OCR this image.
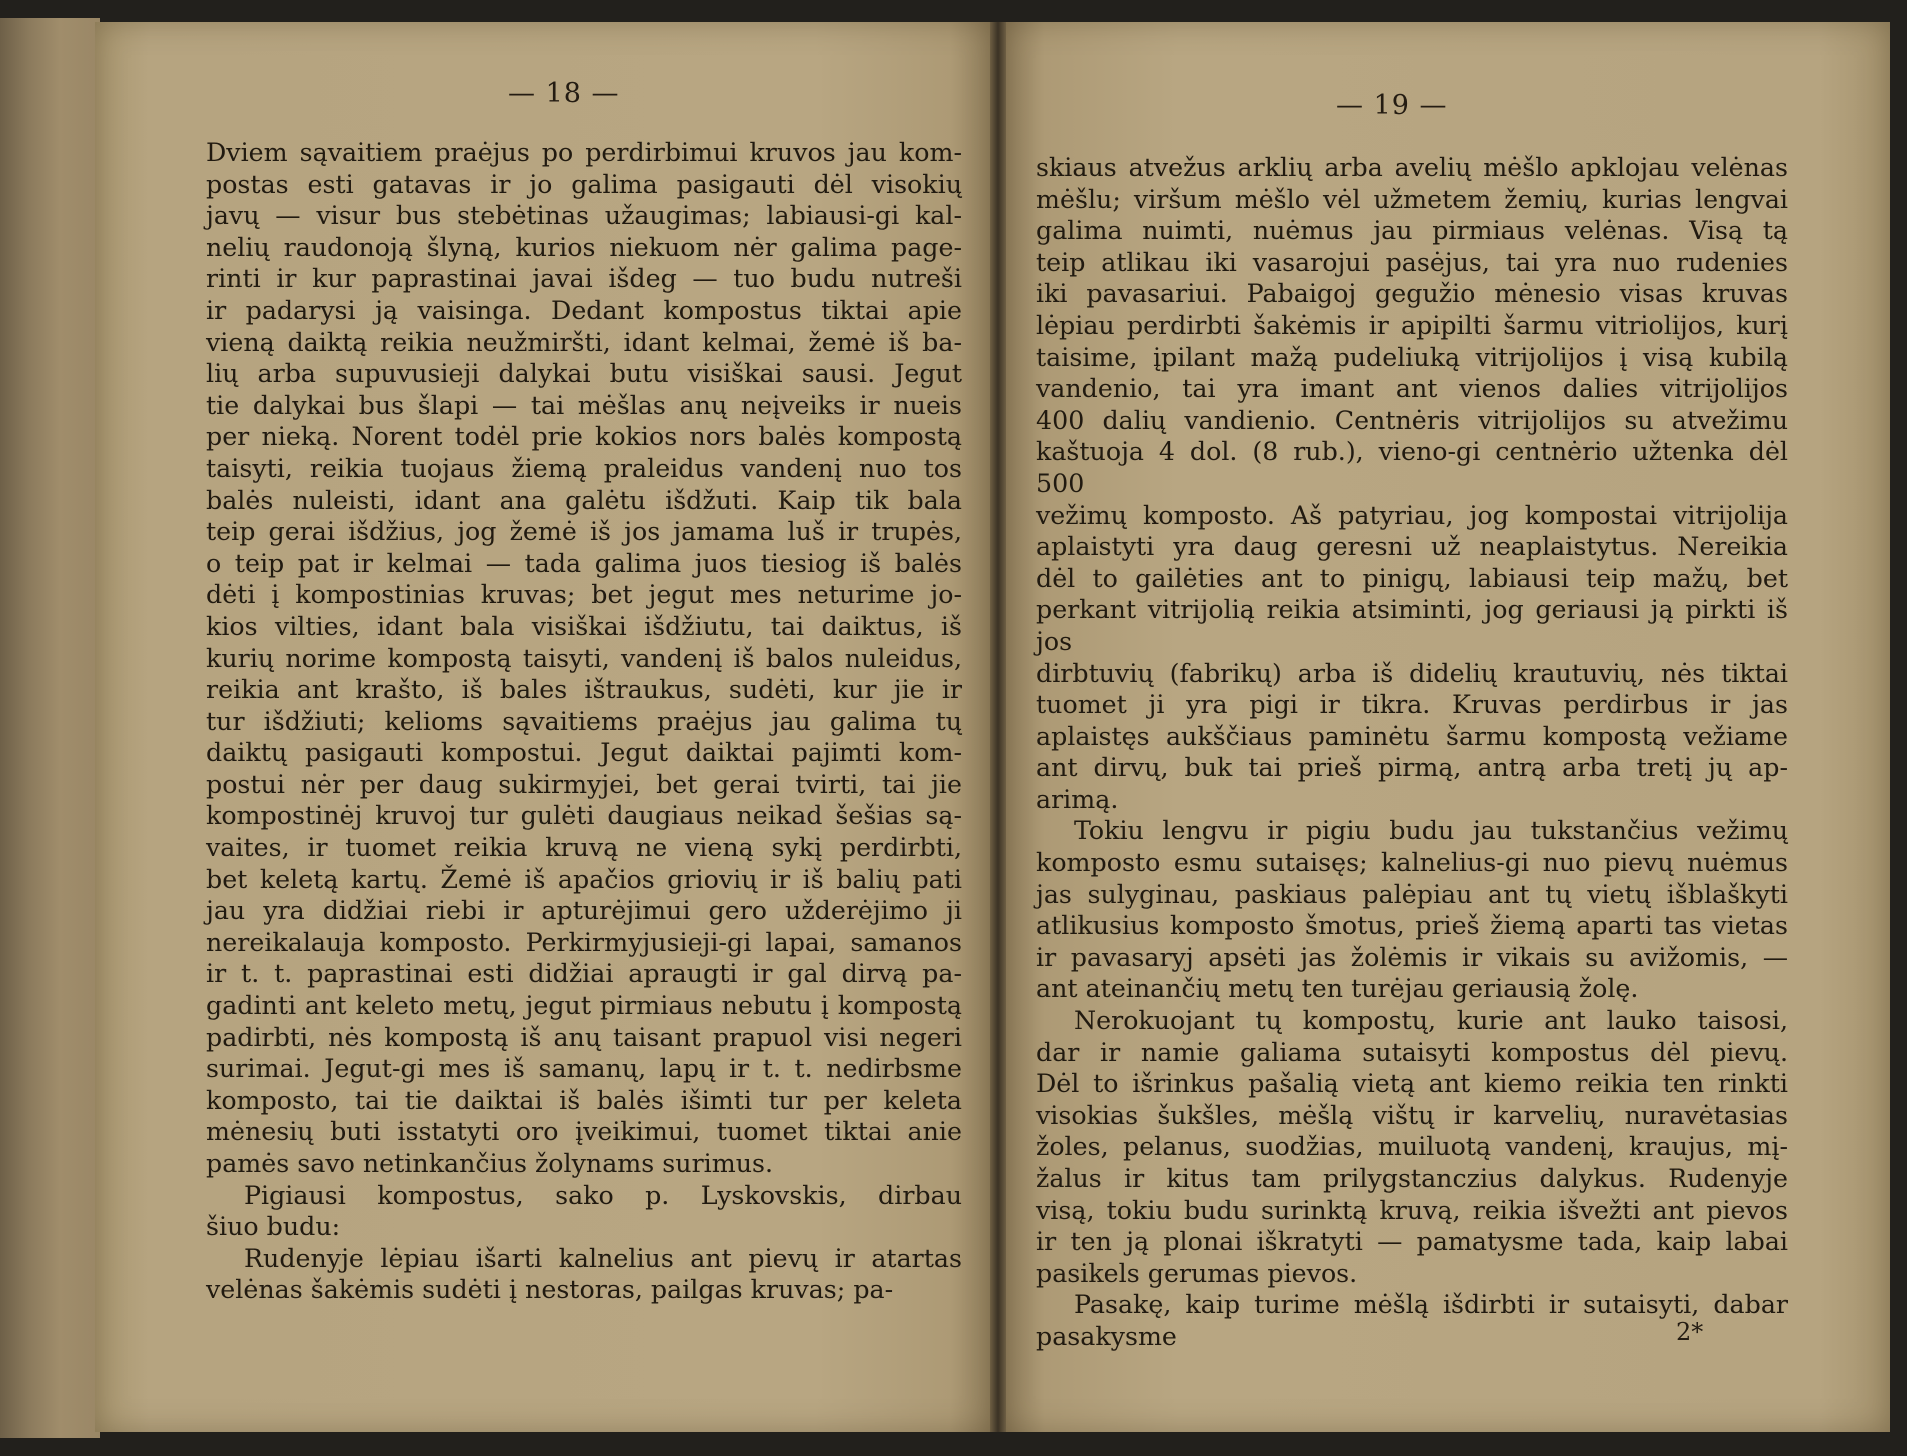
— 18 —	— 19 —

Dviem sąvaitiem praėjus po perdirbimui kruvos jau kom-

postas esti gatavas ir jo galima pasigauti dėl visokių

javų — visur bus stebėtinas užaugimas; labiausi-gi kal-

nelių raudonoją šlyną, kurios niekuom nėr galima page-

rinti ir kur paprastinai javai išdeg — tuo budu nutreši

ir padarysi ją vaisinga. Dedant kompostus tiktai apie

vieną daiktą reikia neužmiršti, idant kelmai, žemė iš ba-

lių arba supuvusieji dalykai butu visiškai sausi. Jegut

tie dalykai bus šlapi — tai mėšlas anų neįveiks ir nueis

per nieką. Norent todėl prie kokios nors balės kompostą

taisyti, reikia tuojaus žiemą praleidus vandenį nuo tos

balės nuleisti, idant ana galėtu išdžuti. Kaip tik bala

teip gerai išdžius, jog žemė iš jos jamama luš ir trupės,

o teip pat ir kelmai — tada galima juos tiesiog iš balės

dėti į kompostinias kruvas; bet jegut mes neturime jo-

kios vilties, idant bala visiškai išdžiutu, tai daiktus, iš

kurių norime kompostą taisyti, vandenį iš balos nuleidus,

reikia ant krašto, iš bales ištraukus, sudėti, kur jie ir

tur išdžiuti; kelioms sąvaitiems praėjus jau galima tų

daiktų pasigauti kompostui. Jegut daiktai pajimti kom-

postui nėr per daug sukirmyjei, bet gerai tvirti, tai jie

kompostinėj kruvoj tur gulėti daugiaus neikad šešias są-

vaites, ir tuomet reikia kruvą ne vieną sykį perdirbti,

bet keletą kartų. Žemė iš apačios griovių ir iš balių pati

jau yra didžiai riebi ir apturėjimui gero užderėjimo ji

nereikalauja komposto. Perkirmyjusieji-gi lapai, samanos

ir t. t. paprastinai esti didžiai apraugti ir gal dirvą pa-

gadinti ant keleto metų, jegut pirmiaus nebutu į kompostą

padirbti, nės kompostą iš anų taisant prapuol visi negeri

surimai. Jegut-gi mes iš samanų, lapų ir t. t. nedirbsme

komposto, tai tie daiktai iš balės išimti tur per keleta

mėnesių buti isstatyti oro įveikimui, tuomet tiktai anie

pamės savo netinkančius žolynams surimus.

Pigiausi kompostus, sako p. Lyskovskis, dirbau

šiuo budu:

Rudenyje lėpiau išarti kalnelius ant pievų ir atartas

velėnas šakėmis sudėti į nestoras, pailgas kruvas; pa-

skiaus atvežus arklių arba avelių mėšlo apklojau velėnas

mėšlu; viršum mėšlo vėl užmetem žemių, kurias lengvai

galima nuimti, nuėmus jau pirmiaus velėnas. Visą tą

teip atlikau iki vasarojui pasėjus, tai yra nuo rudenies

iki pavasariui. Pabaigoj gegužio mėnesio visas kruvas

lėpiau perdirbti šakėmis ir apipilti šarmu vitriolijos, kurį

taisime, įpilant mažą pudeliuką vitrijolijos į visą kubilą

vandenio, tai yra imant ant vienos dalies vitrijolijos

400 dalių vandienio. Centnėris vitrijolijos su atvežimu

kaštuoja 4 dol. (8 rub.), vieno-gi centnėrio užtenka dėl 500

vežimų komposto. Aš patyriau, jog kompostai vitrijolija

aplaistyti yra daug geresni už neaplaistytus. Nereikia

dėl to gailėties ant to pinigų, labiausi teip mažų, bet

perkant vitrijolią reikia atsiminti, jog geriausi ją pirkti iš jos

dirbtuvių (fabrikų) arba iš didelių krautuvių, nės tiktai

tuomet ji yra pigi ir tikra. Kruvas perdirbus ir jas

aplaistęs aukščiaus paminėtu šarmu kompostą vežiame

ant dirvų, buk tai prieš pirmą, antrą arba tretį jų ap-

arimą.

Tokiu lengvu ir pigiu budu jau tukstančius vežimų

komposto esmu sutaisęs; kalnelius-gi nuo pievų nuėmus

jas sulyginau, paskiaus palėpiau ant tų vietų išblaškyti

atlikusius komposto šmotus, prieš žiemą aparti tas vietas

ir pavasaryj apsėti jas žolėmis ir vikais su avižomis, —

ant ateinančių metų ten turėjau geriausią žolę.

Nerokuojant tų kompostų, kurie ant lauko taisosi,

dar ir namie galiama sutaisyti kompostus dėl pievų.

Dėl to išrinkus pašalią vietą ant kiemo reikia ten rinkti

visokias šukšles, mėšlą vištų ir karvelių, nuravėtasias

žoles, pelanus, suodžias, muiluotą vandenį, kraujus, mį-

žalus ir kitus tam prilygstanczius dalykus. Rudenyje

visą, tokiu budu surinktą kruvą, reikia išvežti ant pievos

ir ten ją plonai iškratyti — pamatysme tada, kaip labai

pasikels gerumas pievos.

Pasakę, kaip turime mėšlą išdirbti ir sutaisyti, dabar

pasakysme	2*
